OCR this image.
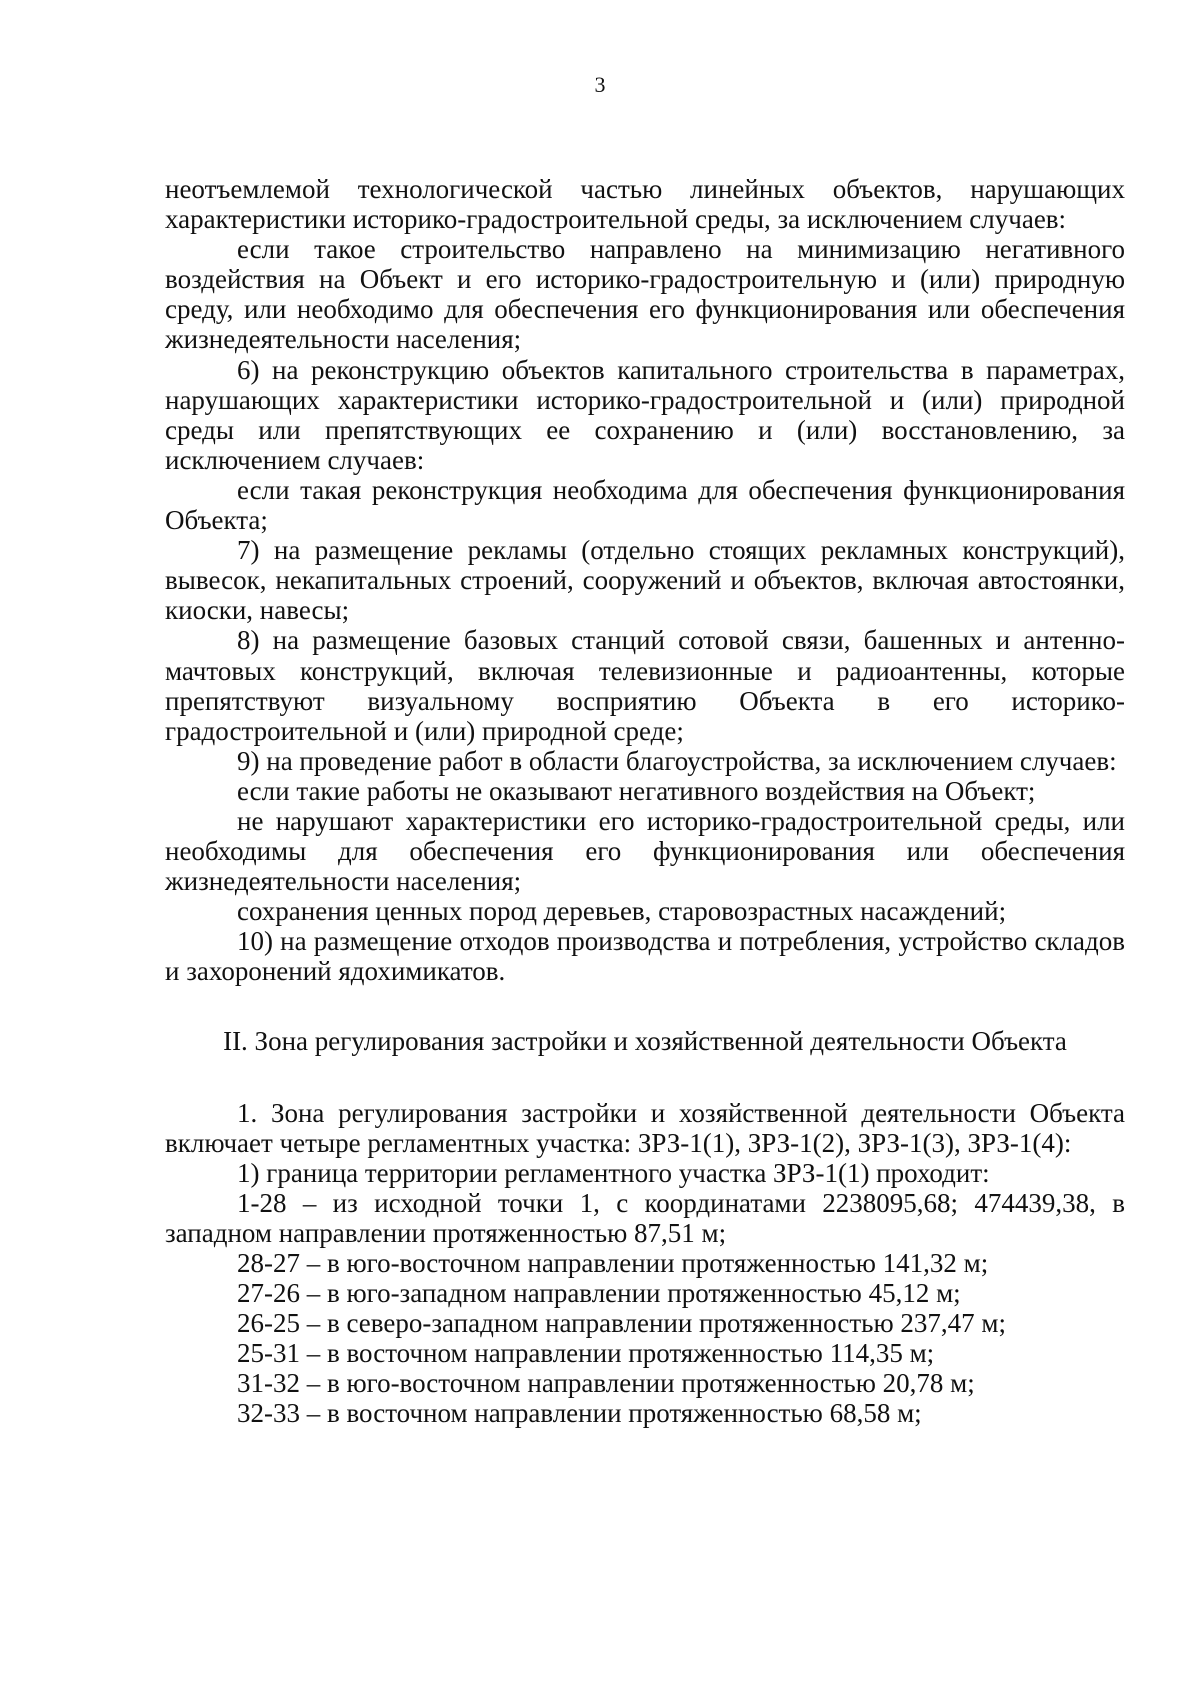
3

неотъемлемой технологической частью линейных объектов, нарушающих характеристики историко-градостроительной среды, за исключением случаев:

если такое строительство направлено на минимизацию негативного воздействия на Объект и его историко-градостроительную и (или) природную среду, или необходимо для обеспечения его функционирования или обеспечения жизнедеятельности населения;

6) на реконструкцию объектов капитального строительства в параметрах, нарушающих характеристики историко-градостроительной и (или) природной среды или препятствующих ее сохранению и (или) восстановлению, за исключением случаев:

если такая реконструкция необходима для обеспечения функционирования Объекта;

7) на размещение рекламы (отдельно стоящих рекламных конструкций), вывесок, некапитальных строений, сооружений и объектов, включая автостоянки, киоски, навесы;

8) на размещение базовых станций сотовой связи, башенных и антенно-мачтовых конструкций, включая телевизионные и радиоантенны, которые препятствуют визуальному восприятию Объекта в его историко-градостроительной и (или) природной среде;

9) на проведение работ в области благоустройства, за исключением случаев:

если такие работы не оказывают негативного воздействия на Объект;

не нарушают характеристики его историко-градостроительной среды, или необходимы для обеспечения его функционирования или обеспечения жизнедеятельности населения;

сохранения ценных пород деревьев, старовозрастных насаждений;

10) на размещение отходов производства и потребления, устройство складов и захоронений ядохимикатов.

II. Зона регулирования застройки и хозяйственной деятельности Объекта

1. Зона регулирования застройки и хозяйственной деятельности Объекта включает четыре регламентных участка: ЗРЗ-1(1), ЗРЗ-1(2), ЗРЗ-1(3), ЗРЗ-1(4):

1) граница территории регламентного участка ЗРЗ-1(1) проходит:

1-28 – из исходной точки 1, с координатами 2238095,68; 474439,38, в западном направлении протяженностью 87,51 м;

28-27 – в юго-восточном направлении протяженностью 141,32 м;

27-26 – в юго-западном направлении протяженностью 45,12 м;

26-25 – в северо-западном направлении протяженностью 237,47 м;

25-31 – в восточном направлении протяженностью 114,35 м;

31-32 – в юго-восточном направлении протяженностью 20,78 м;

32-33 – в восточном направлении протяженностью 68,58 м;
